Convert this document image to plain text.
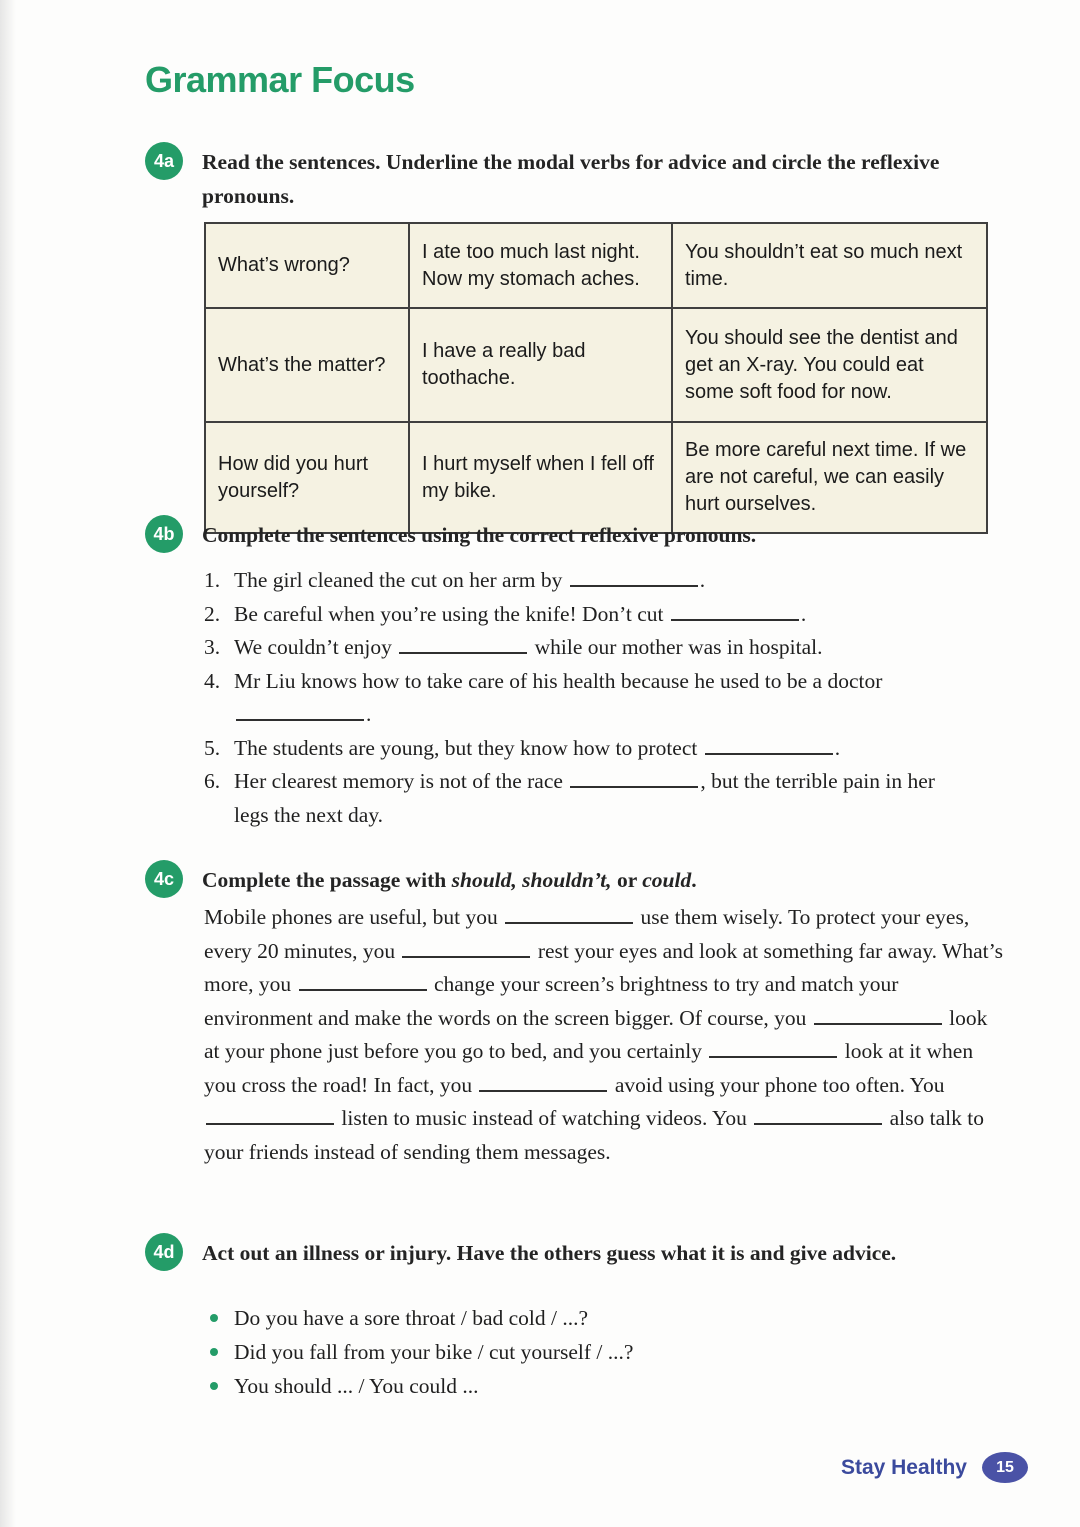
Grammar Focus
4a	Read the sentences. Underline the modal verbs for advice and circle the reflexive pronouns.
What’s wrong?	I ate too much last night. Now my stomach aches.	You shouldn’t eat so much next time.
What’s the matter?	I have a really bad toothache.	You should see the dentist and get an X-ray. You could eat some soft food for now.
How did you hurt yourself?	I hurt myself when I fell off my bike.	Be more careful next time. If we are not careful, we can easily hurt ourselves.
4b	Complete the sentences using the correct reflexive pronouns.
1. The girl cleaned the cut on her arm by	.
2. Be careful when you’re using the knife! Don’t cut	.
3. We couldn’t enjoy	while our mother was in hospital.
4. Mr Liu knows how to take care of his health because he used to be a doctor .
5. The students are young, but they know how to protect	.
6. Her clearest memory is not of the race	, but the terrible pain in her legs the next day.
4c	Complete the passage with should, shouldn’t, or could.
Mobile phones are useful, but you	use them wisely. To protect your eyes, every 20 minutes, you	rest your eyes and look at something far away. What’s more, you	change your screen’s brightness to try and match your environment and make the words on the screen bigger. Of course, you	look at your phone just before you go to bed, and you certainly	look at it when you cross the road! In fact, you	avoid using your phone too often. You  listen to music instead of watching videos. You	also talk to your friends instead of sending them messages.
4d	Act out an illness or injury. Have the others guess what it is and give advice.
Do you have a sore throat / bad cold / ...?
Did you fall from your bike / cut yourself / ...?
You should ... / You could ...
Stay Healthy	15
